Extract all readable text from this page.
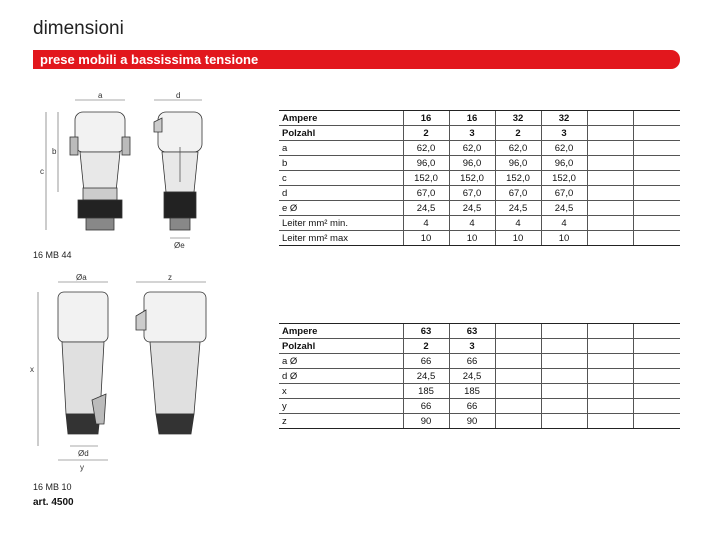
dimensioni
prese mobili a bassissima tensione
a
b
c
d
Øe
16 MB 44
Øa
x
Ød
y
z
16 MB 10
art. 4500
Ampere	16	16	32	32		
Polzahl	2	3	2	3		
a	62,0	62,0	62,0	62,0		
b	96,0	96,0	96,0	96,0		
c	152,0	152,0	152,0	152,0		
d	67,0	67,0	67,0	67,0		
e Ø	24,5	24,5	24,5	24,5		
Leiter mm² min.	4	4	4	4		
Leiter mm² max	10	10	10	10		
Ampere	63	63				
Polzahl	2	3				
a Ø	66	66				
d Ø	24,5	24,5				
x	185	185				
y	66	66				
z	90	90				
